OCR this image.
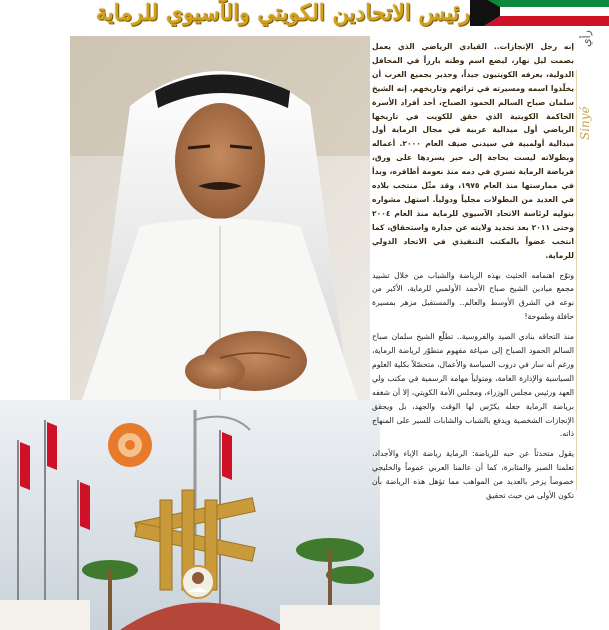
رئيس الاتحادين الكويتي والآسيوي للرماية
رأي
Sinyé

إنه رجل الإنجازات.. القيادي الرياضي الذي يعمل بصمت ليل نهار، ليضع اسم وطنه بارزاً في المحافل الدولية، يعرفه الكويتيون جيداً، وجدير بجميع العرب أن يخلّدوا اسمه ومسيرته في تراثهم وتاريخهم. إنه الشيخ سلمان صباح السالم الحمود الصباح، أحد أفراد الأسرة الحاكمة الكويتية الذي حقق للكويت في تاريخها الرياضي أول ميدالية عربية في مجال الرماية أول ميدالية أولمبية في سيدني صيف العام ٢٠٠٠. أعماله وبطولاته ليست بحاجة إلى حبر يسردها على ورق، فرياضة الرماية تسري في دمه منذ نعومة أظافره، وبدأ في ممارستها منذ العام ١٩٧٥، وقد مثّل منتخب بلاده في العديد من البطولات محلياً ودولياً. استهل مشواره بتوليه لرئاسة الاتحاد الآسيوي للرماية منذ العام ٢٠٠٤ وحتى ٢٠١١ بعد تجديد ولايته عن جدارة واستحقاق، كما انتخب عضواً بالمكتب التنفيذي في الاتحاد الدولي للرماية.

وتوّج اهتمامه الحثيث بهذه الرياضة والشباب من خلال تشييد مجمع ميادين الشيخ صباح الأحمد الأولمبي للرماية، الأكبر من نوعه في الشرق الأوسط والعالم.. والمستقبل مزهر بمسيرة حافلة وطموحة!

منذ التحاقه بنادي الصيد والفروسية.. تطلّع الشيخ سلمان صباح السالم الحمود الصباح إلى صياغة مفهوم متطوّر لرياضة الرماية، ورغم أنه سار في دروب السياسة والأعمال، متحصّلاً بكلية العلوم السياسية والإدارة العامة، ومتولياً مهامه الرسمية في مكتب ولي العهد ورئيس مجلس الوزراء، ومجلس الأمة الكويتي، إلا أن شغفه برياضة الرماية جعله يكرّس لها الوقت والجهد، بل ويحقق الإنجازات الشخصية ويدفع بالشباب والشابات للسير على المنهاج ذاته.

يقول متحدثاً عن حبه للرياضة: الرماية رياضة الإباء والأجداد، تعلمنا الصبر والمثابرة، كما أن عالمنا العربي عموماً والخليجي خصوصاً يزخر بالعديد من المواهب مما تؤهل هذه الرياضة بأن تكون الأولى من حيث تحقيق
